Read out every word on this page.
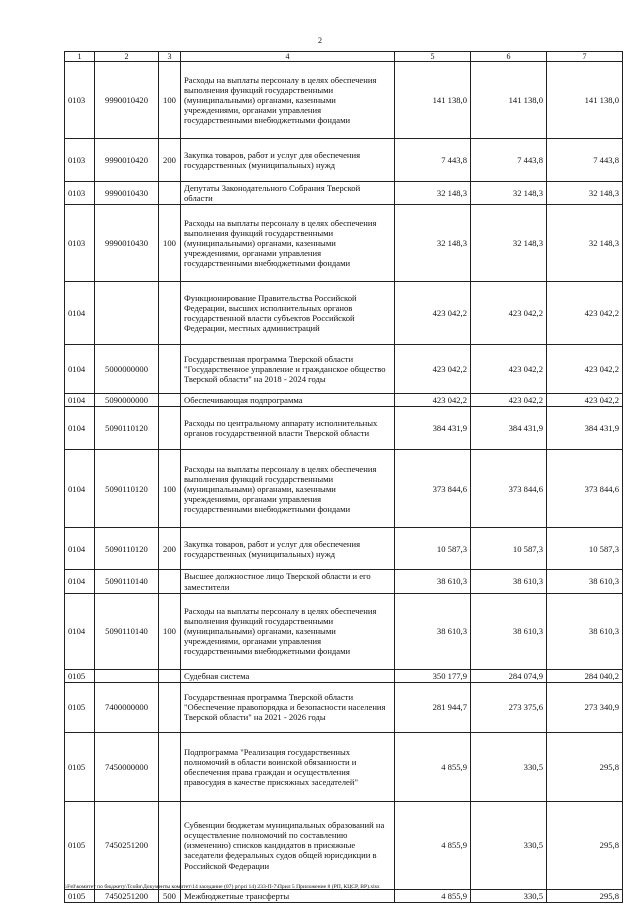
2
1	2	3	4	5	6	7
0103	9990010420	100	Расходы на выплаты персоналу в целях обеспечения выполнения функций государственными (муниципальными) органами, казенными учреждениями, органами управления государственными внебюджетными фондами	141 138,0	141 138,0	141 138,0
0103	9990010420	200	Закупка товаров, работ и услуг для обеспечения государственных (муниципальных) нужд	7 443,8	7 443,8	7 443,8
0103	9990010430		Депутаты Законодательного Собрания Тверской области	32 148,3	32 148,3	32 148,3
0103	9990010430	100	Расходы на выплаты персоналу в целях обеспечения выполнения функций государственными (муниципальными) органами, казенными учреждениями, органами управления государственными внебюджетными фондами	32 148,3	32 148,3	32 148,3
0104			Функционирование Правительства Российской Федерации, высших исполнительных органов государственной власти субъектов Российской Федерации, местных администраций	423 042,2	423 042,2	423 042,2
0104	5000000000		Государственная программа Тверской области "Государственное управление и гражданское общество Тверской области" на 2018 - 2024 годы	423 042,2	423 042,2	423 042,2
0104	5090000000		Обеспечивающая подпрограмма	423 042,2	423 042,2	423 042,2
0104	5090110120		Расходы по центральному аппарату исполнительных органов государственной власти Тверской области	384 431,9	384 431,9	384 431,9
0104	5090110120	100	Расходы на выплаты персоналу в целях обеспечения выполнения функций государственными (муниципальными) органами, казенными учреждениями, органами управления государственными внебюджетными фондами	373 844,6	373 844,6	373 844,6
0104	5090110120	200	Закупка товаров, работ и услуг для обеспечения государственных (муниципальных) нужд	10 587,3	10 587,3	10 587,3
0104	5090110140		Высшее должностное лицо Тверской области и его заместители	38 610,3	38 610,3	38 610,3
0104	5090110140	100	Расходы на выплаты персоналу в целях обеспечения выполнения функций государственными (муниципальными) органами, казенными учреждениями, органами управления государственными внебюджетными фондами	38 610,3	38 610,3	38 610,3
0105			Судебная система	350 177,9	284 074,9	284 040,2
0105	7400000000		Государственная программа Тверской области "Обеспечение правопорядка и безопасности населения Тверской области" на 2021 - 2026 годы	281 944,7	273 375,6	273 340,9
0105	7450000000		Подпрограмма "Реализация государственных полномочий в области воинской обязанности и обеспечения права граждан и осуществления правосудия в качестве присяжных заседателей"	4 855,9	330,5	295,8
0105	7450251200		Субвенции бюджетам муниципальных образований на осуществление полномочий по составлению (изменению) списков кандидатов в присяжные заседатели федеральных судов общей юрисдикции в Российской Федерации	4 855,9	330,5	295,8
0105	7450251200	500	Межбюджетные трансферты	4 855,9	330,5	295,8
\\Fs0\комитет по бюджету\Тсойи\Документы комитет\14 заседание (07) pr\pri 14) 233-П-7\Прил 5 Приложение 8 (РП, КЦСР, ВР).xlsx
